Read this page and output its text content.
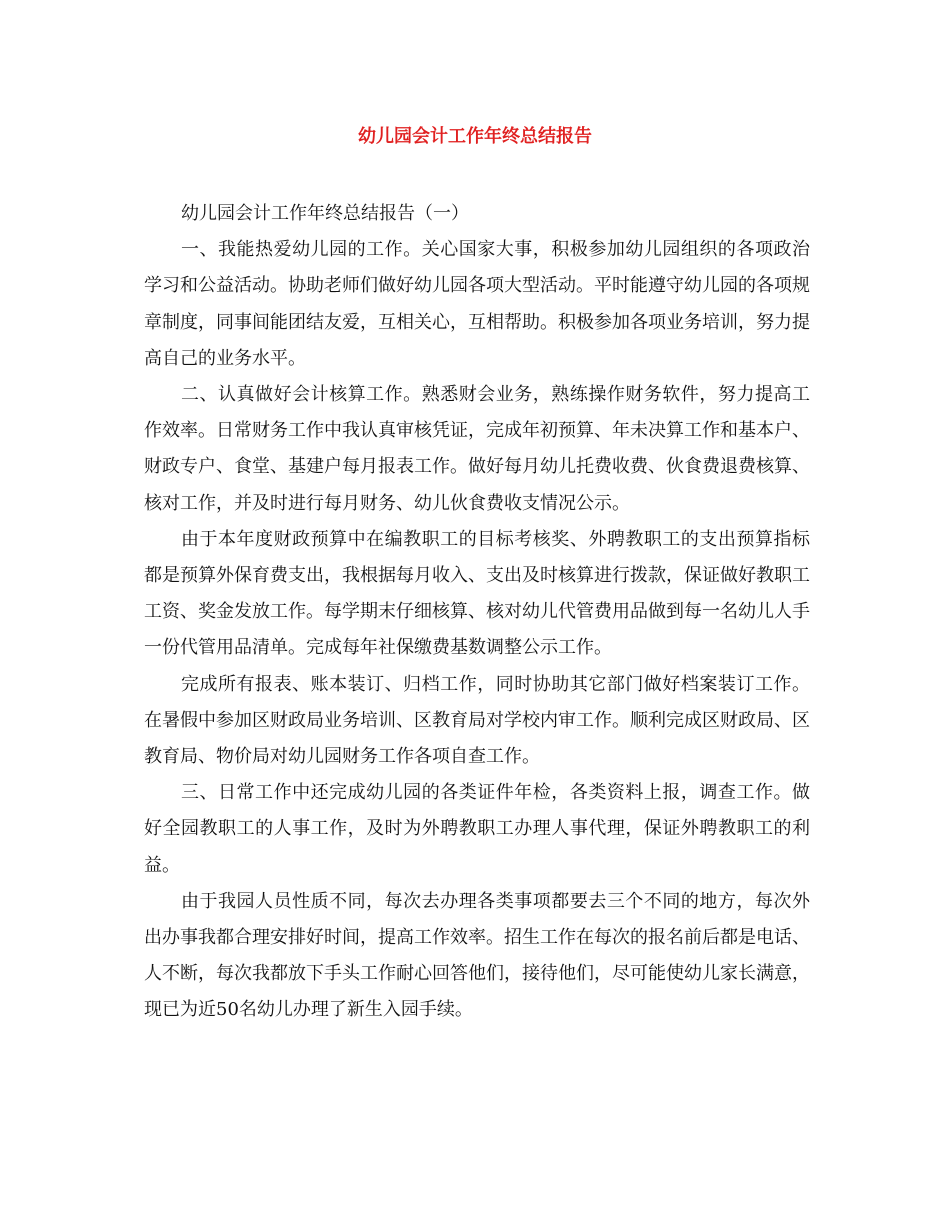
幼儿园会计工作年终总结报告

幼儿园会计工作年终总结报告（一）

一、我能热爱幼儿园的工作。关心国家大事，积极参加幼儿园组织的各项政治学习和公益活动。协助老师们做好幼儿园各项大型活动。平时能遵守幼儿园的各项规章制度，同事间能团结友爱，互相关心，互相帮助。积极参加各项业务培训，努力提高自己的业务水平。

二、认真做好会计核算工作。熟悉财会业务，熟练操作财务软件，努力提高工作效率。日常财务工作中我认真审核凭证，完成年初预算、年未决算工作和基本户、财政专户、食堂、基建户每月报表工作。做好每月幼儿托费收费、伙食费退费核算、核对工作，并及时进行每月财务、幼儿伙食费收支情况公示。

由于本年度财政预算中在编教职工的目标考核奖、外聘教职工的支出预算指标都是预算外保育费支出，我根据每月收入、支出及时核算进行拨款，保证做好教职工工资、奖金发放工作。每学期末仔细核算、核对幼儿代管费用品做到每一名幼儿人手一份代管用品清单。完成每年社保缴费基数调整公示工作。

完成所有报表、账本装订、归档工作，同时协助其它部门做好档案装订工作。在暑假中参加区财政局业务培训、区教育局对学校内审工作。顺利完成区财政局、区教育局、物价局对幼儿园财务工作各项自查工作。

三、日常工作中还完成幼儿园的各类证件年检，各类资料上报，调查工作。做好全园教职工的人事工作，及时为外聘教职工办理人事代理，保证外聘教职工的利益。

由于我园人员性质不同，每次去办理各类事项都要去三个不同的地方，每次外出办事我都合理安排好时间，提高工作效率。招生工作在每次的报名前后都是电话、人不断，每次我都放下手头工作耐心回答他们，接待他们，尽可能使幼儿家长满意，现已为近50名幼儿办理了新生入园手续。
